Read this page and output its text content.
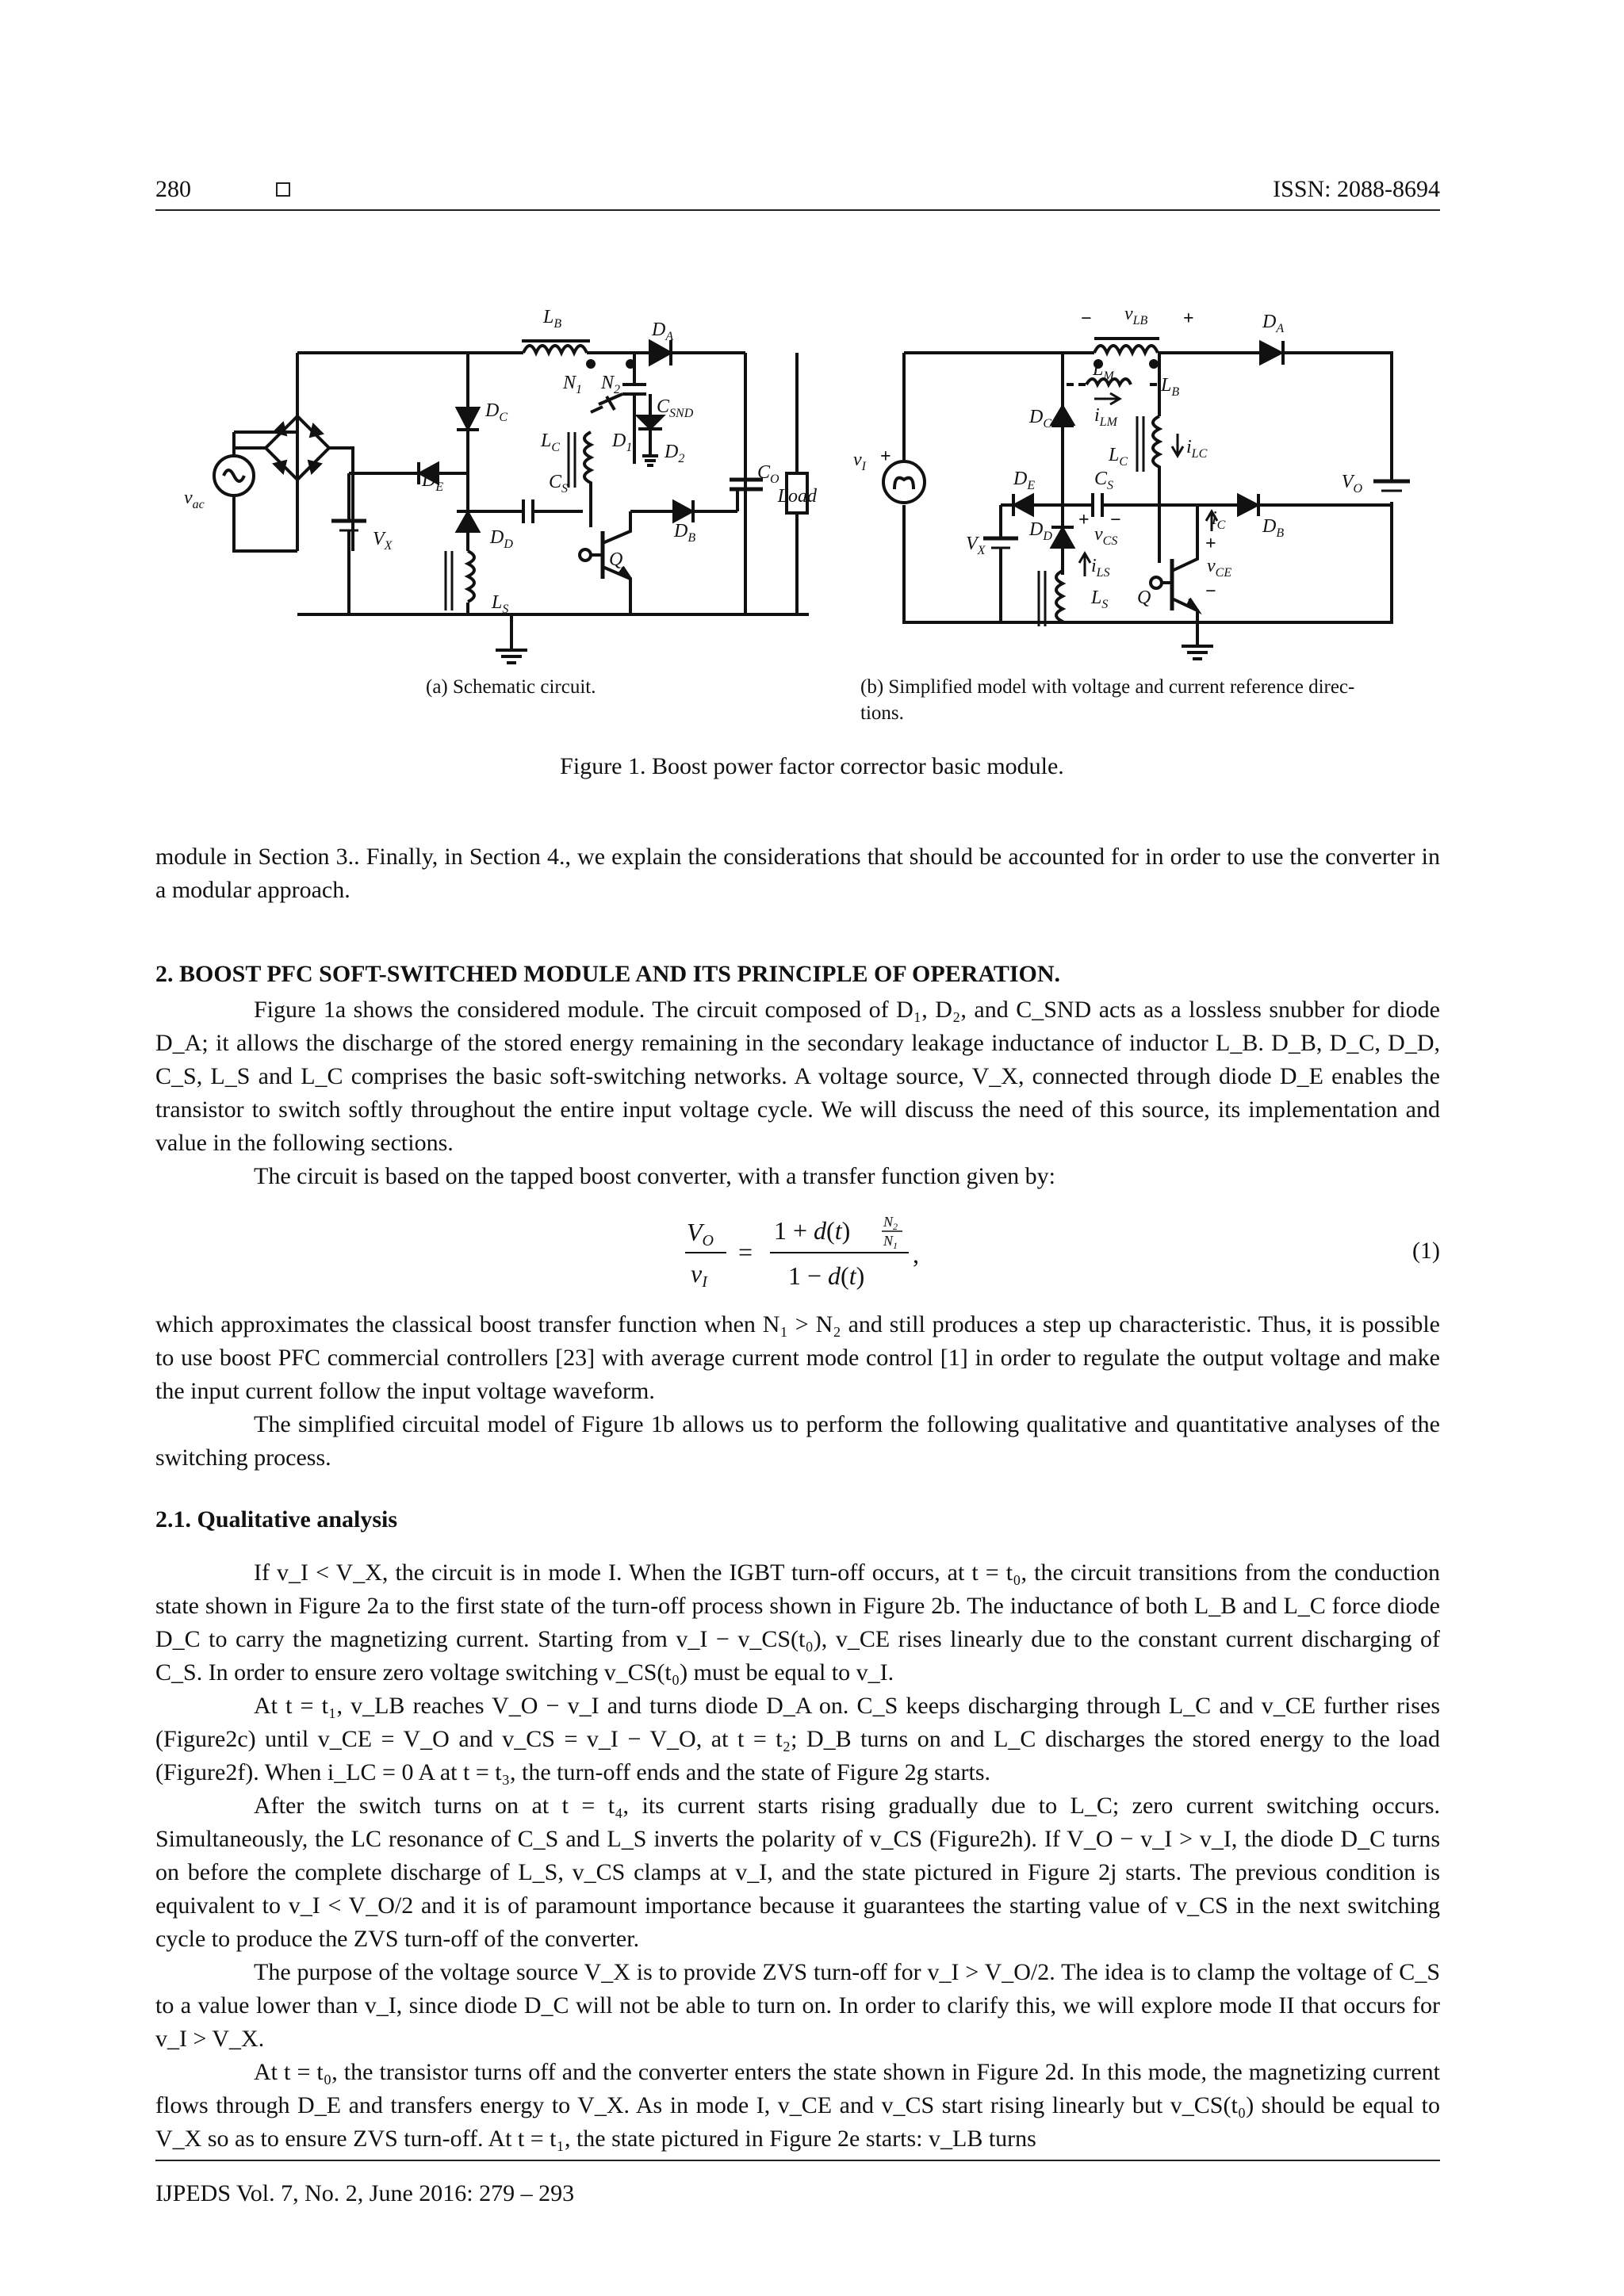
280	ISSN: 2088-8694
$L_B$	$D_A$
$N_1$ $N_2$
$D_C$
$C_{SND}$
$L_C$	$D_1$ $D_2$
$C_O$
Load
$v_{ac}$
$D_E$	$C_S$
$V_X$	$D_D$
$D_B$
Q
$L_S$
$v_{LB}$
−	+	$D_A$
$L_M$ $L_B$
$D_C$ $i_{LM}$
$i_{LC}$
$L_C$
$v_I$ +
$V_O$
$D_E$	$C_S$
+ −	$i_C$ $D_B$
$V_X$
$D_D$ $v_{CS}$	+
$i_{LS}$	$v_{CE}$
−
$L_S$ Q
(a) Schematic circuit.	(b) Simplified model with voltage and current reference direc-
tions.
Figure 1. Boost power factor corrector basic module.

module in Section 3.. Finally, in Section 4., we explain the considerations that should be accounted for in order to use the converter in a modular approach.

2. BOOST PFC SOFT-SWITCHED MODULE AND ITS PRINCIPLE OF OPERATION.

Figure 1a shows the considered module. The circuit composed of D₁, D₂, and C_SND acts as a lossless snubber for diode D_A; it allows the discharge of the stored energy remaining in the secondary leakage inductance of inductor L_B. D_B, D_C, D_D, C_S, L_S and L_C comprises the basic soft-switching networks. A voltage source, V_X, connected through diode D_E enables the transistor to switch softly throughout the entire input voltage cycle. We will discuss the need of this source, its implementation and value in the following sections.

The circuit is based on the tapped boost converter, with a transfer function given by:

VO
vI
=
1 + d(t) $N_2$
$N_1$
1 − d(t)
,	(1)

which approximates the classical boost transfer function when N₁ > N₂ and still produces a step up characteristic. Thus, it is possible to use boost PFC commercial controllers [23] with average current mode control [1] in order to regulate the output voltage and make the input current follow the input voltage waveform.

The simplified circuital model of Figure 1b allows us to perform the following qualitative and quantitative analyses of the switching process.

2.1. Qualitative analysis

If v_I < V_X, the circuit is in mode I. When the IGBT turn-off occurs, at t = t₀, the circuit transitions from the conduction state shown in Figure 2a to the first state of the turn-off process shown in Figure 2b. The inductance of both L_B and L_C force diode D_C to carry the magnetizing current. Starting from v_I − v_CS(t₀), v_CE rises linearly due to the constant current discharging of C_S. In order to ensure zero voltage switching v_CS(t₀) must be equal to v_I.

At t = t₁, v_LB reaches V_O − v_I and turns diode D_A on. C_S keeps discharging through L_C and v_CE further rises (Figure2c) until v_CE = V_O and v_CS = v_I − V_O, at t = t₂; D_B turns on and L_C discharges the stored energy to the load (Figure2f). When i_LC = 0 A at t = t₃, the turn-off ends and the state of Figure 2g starts.

After the switch turns on at t = t₄, its current starts rising gradually due to L_C; zero current switching occurs. Simultaneously, the LC resonance of C_S and L_S inverts the polarity of v_CS (Figure2h). If V_O − v_I > v_I, the diode D_C turns on before the complete discharge of L_S, v_CS clamps at v_I, and the state pictured in Figure 2j starts. The previous condition is equivalent to v_I < V_O/2 and it is of paramount importance because it guarantees the starting value of v_CS in the next switching cycle to produce the ZVS turn-off of the converter.

The purpose of the voltage source V_X is to provide ZVS turn-off for v_I > V_O/2. The idea is to clamp the voltage of C_S to a value lower than v_I, since diode D_C will not be able to turn on. In order to clarify this, we will explore mode II that occurs for v_I > V_X.

At t = t₀, the transistor turns off and the converter enters the state shown in Figure 2d. In this mode, the magnetizing current flows through D_E and transfers energy to V_X. As in mode I, v_CE and v_CS start rising linearly but v_CS(t₀) should be equal to V_X so as to ensure ZVS turn-off. At t = t₁, the state pictured in Figure 2e starts: v_LB turns

IJPEDS Vol. 7, No. 2, June 2016: 279 – 293
